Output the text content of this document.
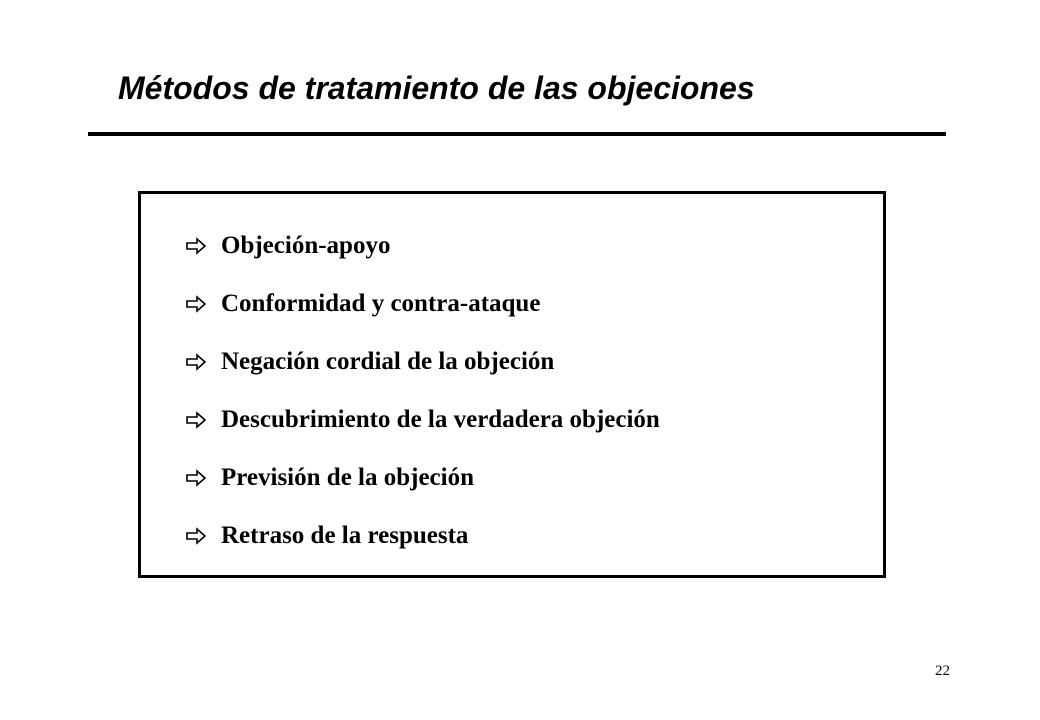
Métodos de tratamiento de las objeciones
Objeción-apoyo
Conformidad y contra-ataque
Negación cordial de la objeción
Descubrimiento de la verdadera objeción
Previsión de la objeción
Retraso de la respuesta
22
